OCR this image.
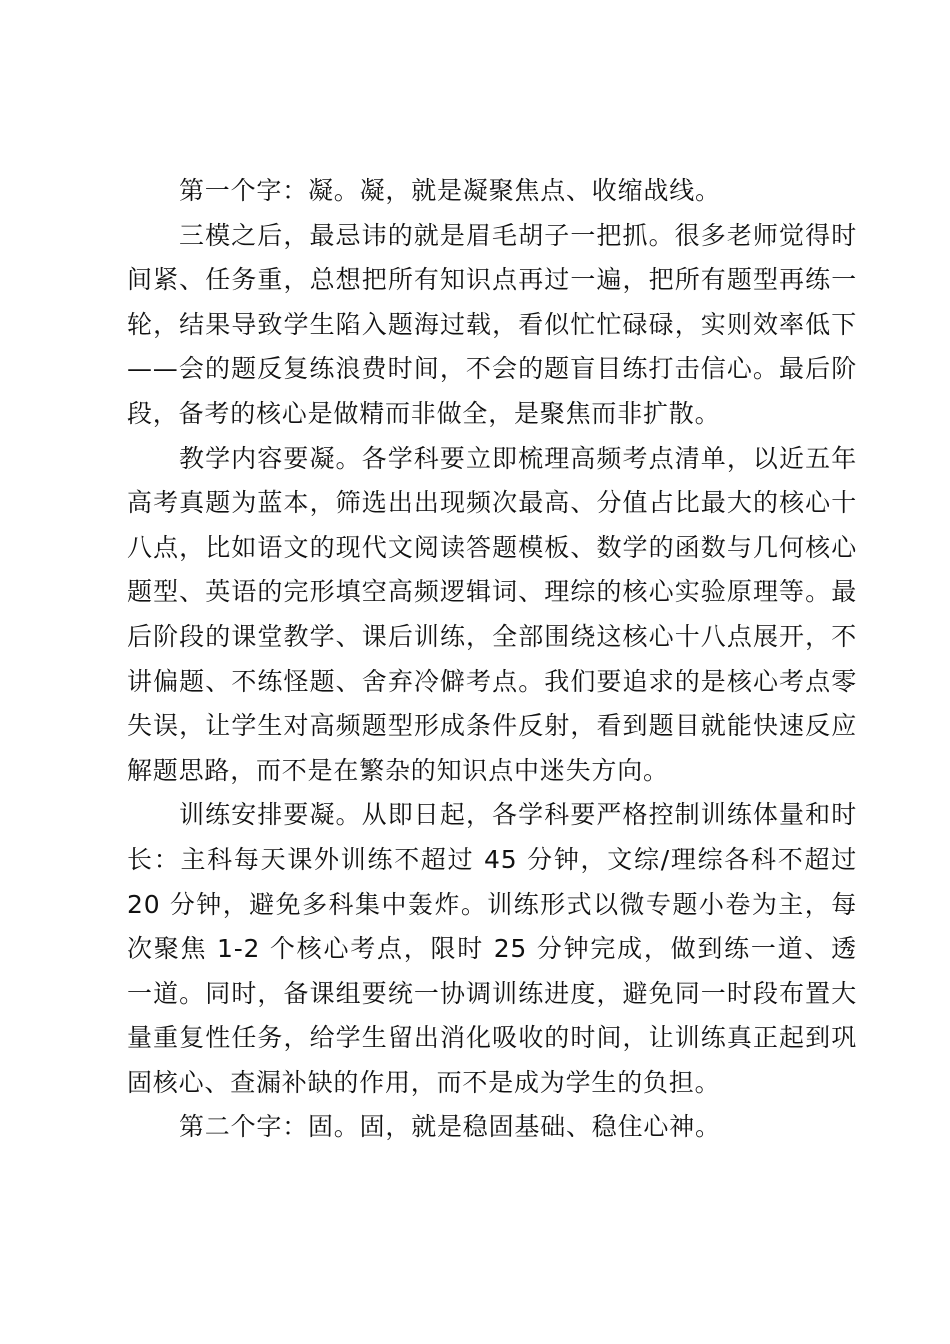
第一个字：凝。凝，就是凝聚焦点、收缩战线。

三模之后，最忌讳的就是眉毛胡子一把抓。很多老师觉得时间紧、任务重，总想把所有知识点再过一遍，把所有题型再练一轮，结果导致学生陷入题海过载，看似忙忙碌碌，实则效率低下——会的题反复练浪费时间，不会的题盲目练打击信心。最后阶段，备考的核心是做精而非做全，是聚焦而非扩散。

教学内容要凝。各学科要立即梳理高频考点清单，以近五年高考真题为蓝本，筛选出出现频次最高、分值占比最大的核心十八点，比如语文的现代文阅读答题模板、数学的函数与几何核心题型、英语的完形填空高频逻辑词、理综的核心实验原理等。最后阶段的课堂教学、课后训练，全部围绕这核心十八点展开，不讲偏题、不练怪题、舍弃冷僻考点。我们要追求的是核心考点零失误，让学生对高频题型形成条件反射，看到题目就能快速反应解题思路，而不是在繁杂的知识点中迷失方向。

训练安排要凝。从即日起，各学科要严格控制训练体量和时长：主科每天课外训练不超过 45 分钟，文综/理综各科不超过 20 分钟，避免多科集中轰炸。训练形式以微专题小卷为主，每次聚焦 1-2 个核心考点，限时 25 分钟完成，做到练一道、透一道。同时，备课组要统一协调训练进度，避免同一时段布置大量重复性任务，给学生留出消化吸收的时间，让训练真正起到巩固核心、查漏补缺的作用，而不是成为学生的负担。

第二个字：固。固，就是稳固基础、稳住心神。
